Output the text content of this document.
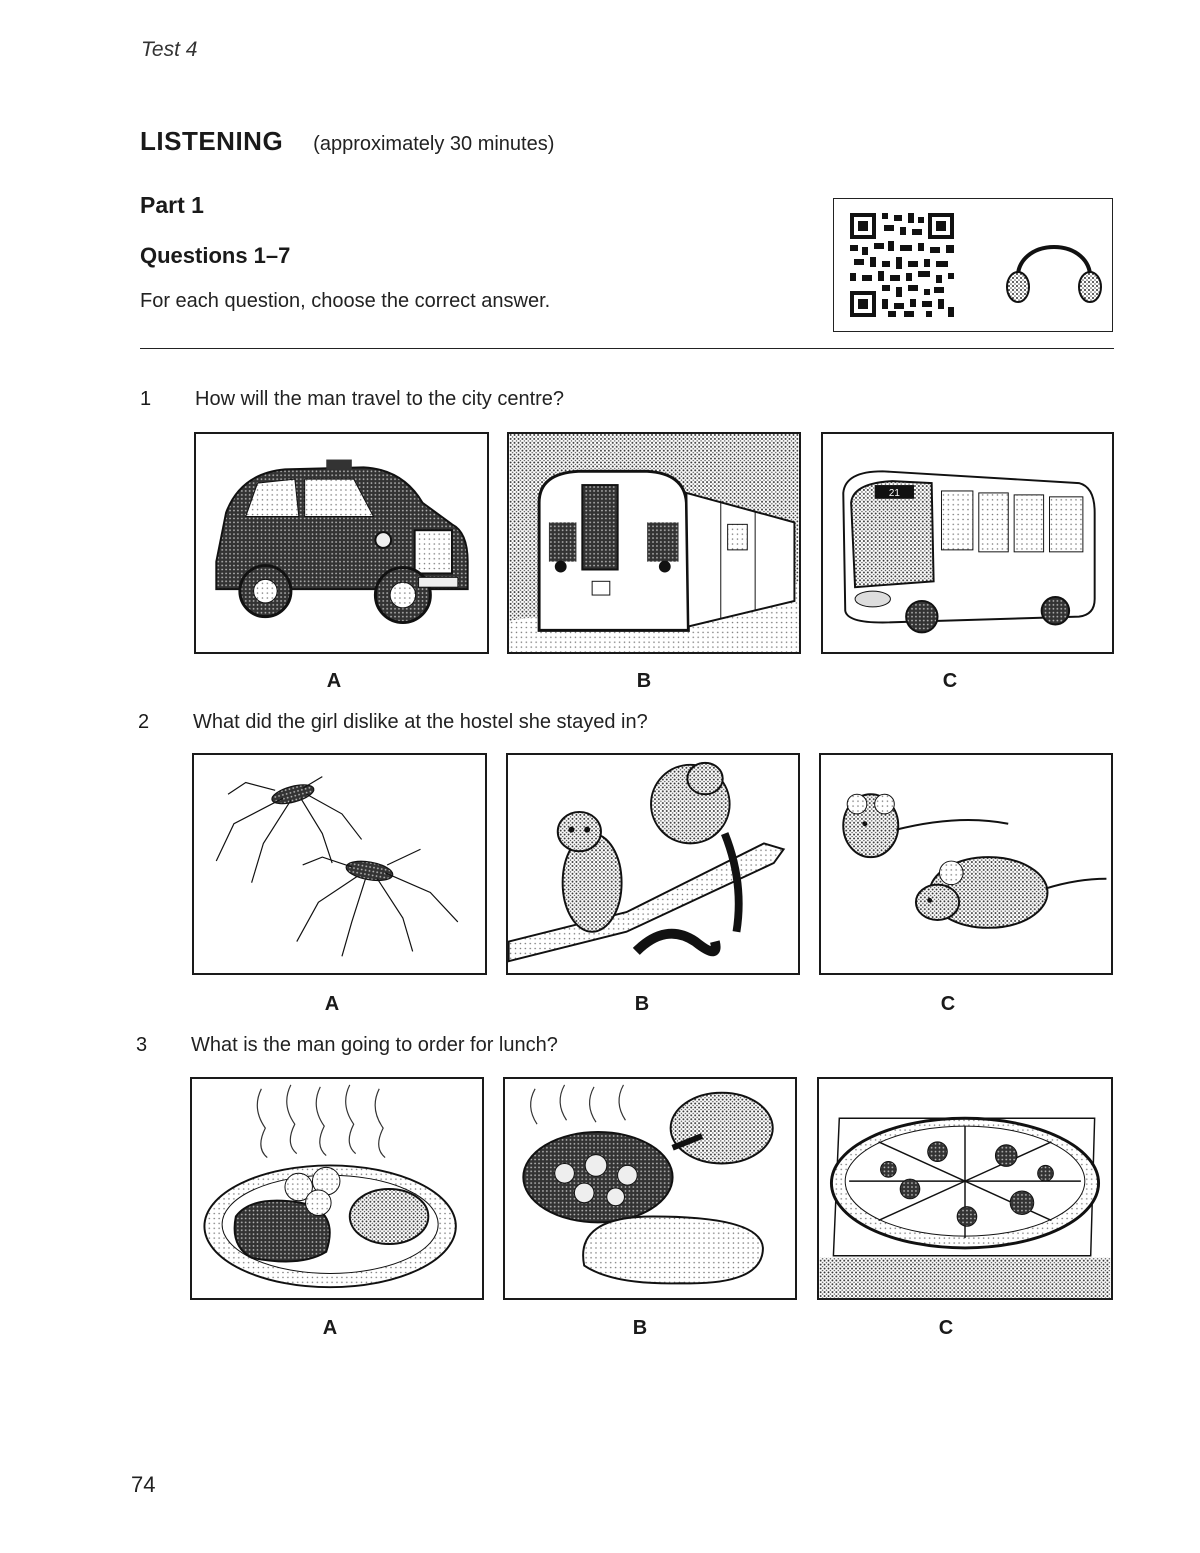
Test 4
LISTENING (approximately 30 minutes)
Part 1
Questions 1–7
For each question, choose the correct answer.
1 How will the man travel to the city centre?
21
A	B	C
2 What did the girl dislike at the hostel she stayed in?
A	B	C
3 What is the man going to order for lunch?
A	B	C
74
